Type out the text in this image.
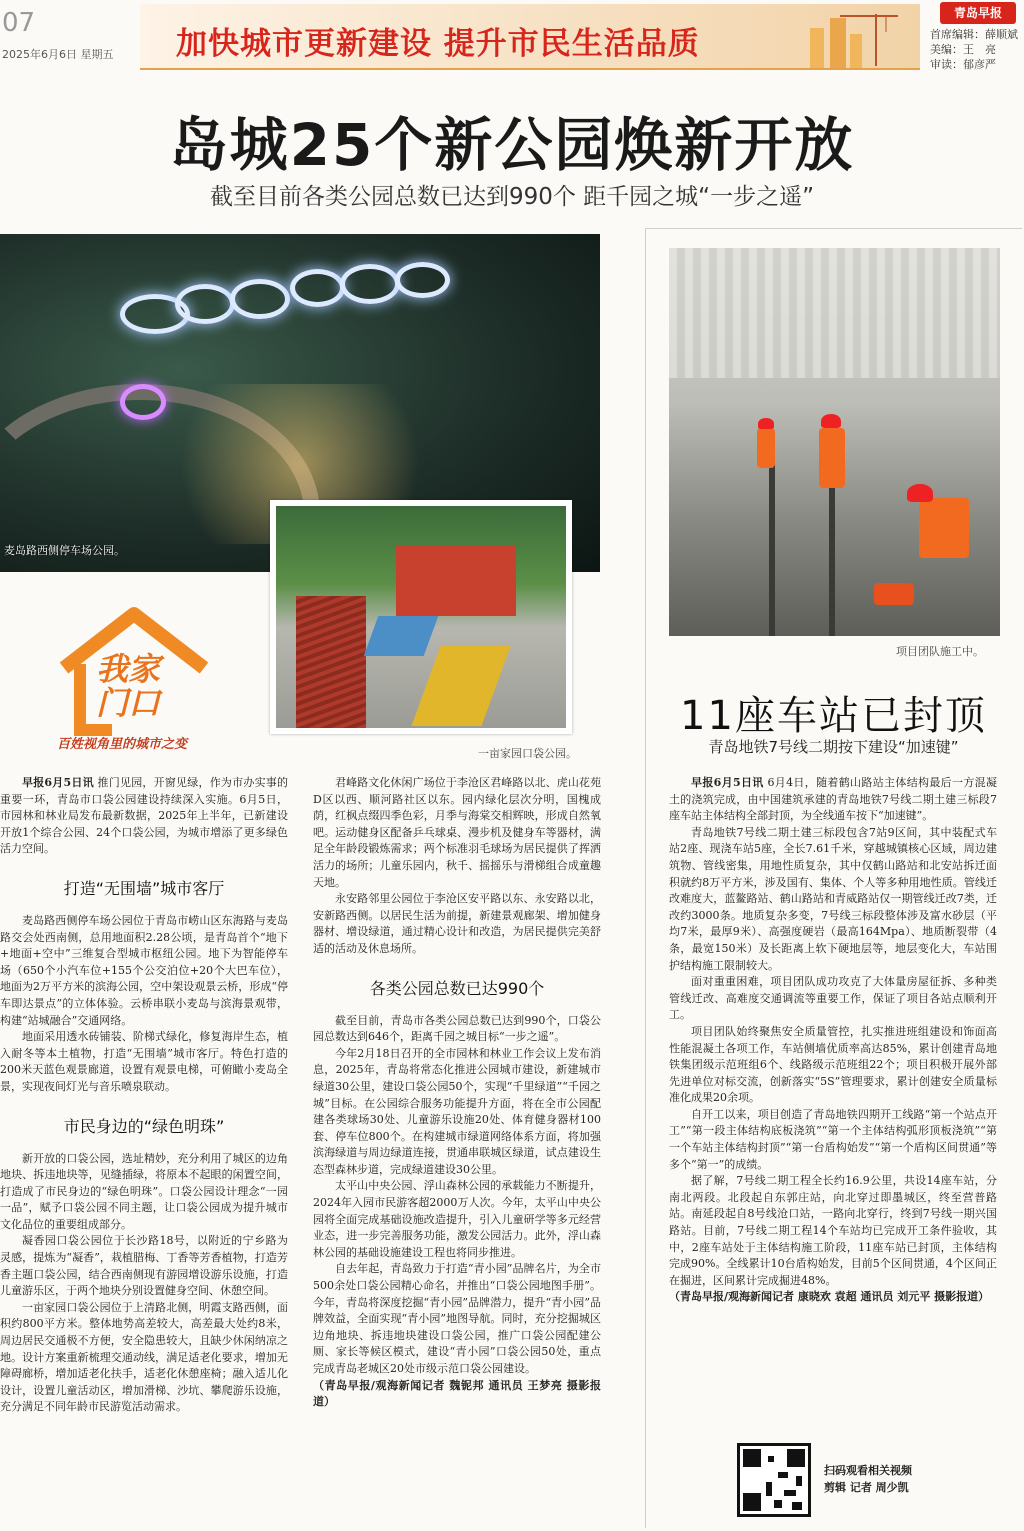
07
2025年6月6日 星期五 加快城市更新建设 提升市民生活品质
青岛早报
首席编辑：薛顺斌
美编：王　亮
审读：郁彦严
岛城25个新公园焕新开放
截至目前各类公园总数已达到990个 距千园之城“一步之遥”
麦岛路西侧停车场公园。
一亩家园口袋公园。
项目团队施工中。
我家
门口
百姓视角里的城市之变
11座车站已封顶
青岛地铁7号线二期按下建设“加速键”

早报6月5日讯 推门见园，开窗见绿，作为市办实事的重要一环，青岛市口袋公园建设持续深入实施。6月5日，市园林和林业局发布最新数据，2025年上半年，已新建设开放1个综合公园、24个口袋公园，为城市增添了更多绿色活力空间。

打造“无围墙”城市客厅

麦岛路西侧停车场公园位于青岛市崂山区东海路与麦岛路交会处西南侧，总用地面积2.28公顷，是青岛首个“地下+地面+空中”三维复合型城市枢纽公园。地下为智能停车场（650个小汽车位+155个公交泊位+20个大巴车位），地面为2万平方米的滨海公园，空中架设观景云桥，形成“停车即达景点”的立体体验。云桥串联小麦岛与滨海景观带，构建“站城融合”交通网络。

地面采用透水砖铺装、阶梯式绿化，修复海岸生态，植入耐冬等本土植物，打造“无围墙”城市客厅。特色打造的200米天蓝色观景廊道，设置有观景电梯，可俯瞰小麦岛全景，实现夜间灯光与音乐喷泉联动。

市民身边的“绿色明珠”

新开放的口袋公园，选址精妙，充分利用了城区的边角地块、拆违地块等，见缝插绿，将原本不起眼的闲置空间，打造成了市民身边的“绿色明珠”。口袋公园设计理念“一园一品”，赋予口袋公园不同主题，让口袋公园成为提升城市文化品位的重要组成部分。

凝香园口袋公园位于长沙路18号，以附近的宁乡路为灵感，提炼为“凝香”，栽植腊梅、丁香等芳香植物，打造芳香主题口袋公园，结合西南侧现有游园增设游乐设施，打造儿童游乐区，于两个地块分别设置健身空间、休憩空间。

一亩家园口袋公园位于上清路北侧，明霞支路西侧，面积约800平方米。整体地势高差较大，高差最大处约8米，周边居民交通极不方便，安全隐患较大，且缺少休闲纳凉之地。设计方案重新梳理交通动线，满足适老化要求，增加无障碍廊桥，增加适老化扶手，适老化休憩座椅；融入适儿化设计，设置儿童活动区，增加滑梯、沙坑、攀爬游乐设施，充分满足不同年龄市民游览活动需求。

君峰路文化休闲广场位于李沧区君峰路以北、虎山花苑D区以西、顺河路社区以东。园内绿化层次分明，国槐成荫，红枫点缀四季色彩，月季与海棠交相辉映，形成自然氧吧。运动健身区配备乒乓球桌、漫步机及健身车等器材，满足全年龄段锻炼需求；两个标准羽毛球场为居民提供了挥洒活力的场所；儿童乐园内，秋千、摇摇乐与滑梯组合成童趣天地。

永安路邻里公园位于李沧区安平路以东、永安路以北，安新路西侧。以居民生活为前提，新建景观廊架、增加健身器材、增设绿道，通过精心设计和改造，为居民提供完美舒适的活动及休息场所。

各类公园总数已达990个

截至目前，青岛市各类公园总数已达到990个，口袋公园总数达到646个，距离千园之城目标“一步之遥”。

今年2月18日召开的全市园林和林业工作会议上发布消息，2025年，青岛将常态化推进公园城市建设，新建城市绿道30公里，建设口袋公园50个，实现“千里绿道”“千园之城”目标。在公园综合服务功能提升方面，将在全市公园配建各类球场30处、儿童游乐设施20处、体育健身器材100套、停车位800个。在构建城市绿道网络体系方面，将加强滨海绿道与周边绿道连接，贯通串联城区绿道，试点建设生态型森林步道，完成绿道建设30公里。

太平山中央公园、浮山森林公园的承载能力不断提升，2024年入园市民游客超2000万人次。今年，太平山中央公园将全面完成基础设施改造提升，引入儿童研学等多元经营业态，进一步完善服务功能，激发公园活力。此外，浮山森林公园的基础设施建设工程也将同步推进。

自去年起，青岛致力于打造“青小园”品牌名片，为全市500余处口袋公园精心命名，并推出“口袋公园地图手册”。今年，青岛将深度挖掘“青小园”品牌潜力，提升“青小园”品牌效益，全面实现“青小园”地图导航。同时，充分挖掘城区边角地块、拆违地块建设口袋公园，推广口袋公园配建公厕、家长等候区模式，建设“青小园”口袋公园50处，重点完成青岛老城区20处市级示范口袋公园建设。

（青岛早报/观海新闻记者 魏铌邦 通讯员 王梦亮 摄影报道）

早报6月5日讯 6月4日，随着鹤山路站主体结构最后一方混凝土的浇筑完成，由中国建筑承建的青岛地铁7号线二期土建三标段7座车站主体结构全部封顶，为全线通车按下“加速键”。

青岛地铁7号线二期土建三标段包含7站9区间，其中装配式车站2座、现浇车站5座，全长7.61千米，穿越城镇核心区域，周边建筑物、管线密集，用地性质复杂，其中仅鹤山路站和北安站拆迁面积就约8万平方米，涉及国有、集体、个人等多种用地性质。管线迁改难度大，蓝鳌路站、鹤山路站和青威路站仅一期管线迁改7类，迁改约3000条。地质复杂多变，7号线三标段整体涉及富水砂层（平均7米，最厚9米）、高强度硬岩（最高164Mpa）、地质断裂带（4条，最宽150米）及长距离上软下硬地层等，地层变化大，车站围护结构施工限制较大。

面对重重困难，项目团队成功攻克了大体量房屋征拆、多种类管线迁改、高难度交通调流等重要工作，保证了项目各站点顺利开工。

项目团队始终聚焦安全质量管控，扎实推进班组建设和饰面高性能混凝土各项工作，车站侧墙优质率高达85%，累计创建青岛地铁集团级示范班组6个、线路级示范班组22个；项目积极开展外部先进单位对标交流，创新落实“5S”管理要求，累计创建安全质量标准化成果20余项。

自开工以来，项目创造了青岛地铁四期开工线路“第一个站点开工”“第一段主体结构底板浇筑”“第一个主体结构弧形顶板浇筑”“第一个车站主体结构封顶”“第一台盾构始发”“第一个盾构区间贯通”等多个“第一”的成绩。

据了解，7号线二期工程全长约16.9公里，共设14座车站，分南北两段。北段起自东郭庄站，向北穿过即墨城区，终至营普路站。南延段起自8号线沧口站，一路向北穿行，终到7号线一期兴国路站。目前，7号线二期工程14个车站均已完成开工条件验收，其中，2座车站处于主体结构施工阶段，11座车站已封顶，主体结构完成90%。全线累计10台盾构始发，目前5个区间贯通，4个区间正在掘进，区间累计完成掘进48%。

（青岛早报/观海新闻记者 康晓欢 袁超 通讯员 刘元平 摄影报道）

扫码观看相关视频
剪辑 记者 周少凯
